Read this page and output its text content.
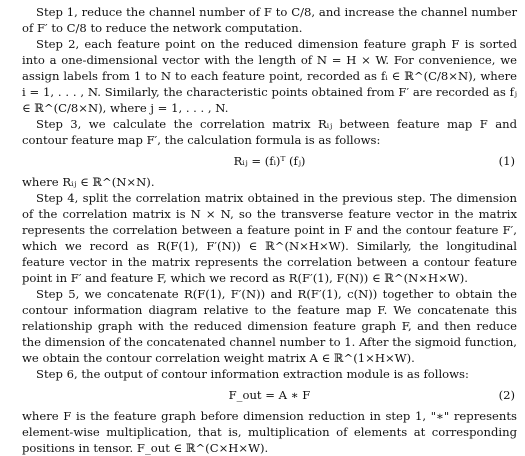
Step 1, reduce the channel number of F to C/8, and increase the channel number of F′ to C/8 to reduce the network computation.

Step 2, each feature point on the reduced dimension feature graph F is sorted into a one-dimensional vector with the length of N = H × W. For convenience, we assign labels from 1 to N to each feature point, recorded as fᵢ ∈ ℝ^(C/8×N), where i = 1, . . . , N. Similarly, the characteristic points obtained from F′ are recorded as fⱼ ∈ ℝ^(C/8×N), where j = 1, . . . , N.

Step 3, we calculate the correlation matrix Rᵢⱼ between feature map F and contour feature map F′, the calculation formula is as follows:

Rᵢⱼ = (fᵢ)ᵀ (fⱼ)	(1)

where Rᵢⱼ ∈ ℝ^(N×N).

Step 4, split the correlation matrix obtained in the previous step. The dimension of the correlation matrix is N × N, so the transverse feature vector in the matrix represents the correlation between a feature point in F and the contour feature F′, which we record as R(F(1), F′(N)) ∈ ℝ^(N×H×W). Similarly, the longitudinal feature vector in the matrix represents the correlation between a contour feature point in F′ and feature F, which we record as R(F′(1), F(N)) ∈ ℝ^(N×H×W).

Step 5, we concatenate R(F(1), F′(N)) and R(F′(1), c(N)) together to obtain the contour information diagram relative to the feature map F. We concatenate this relationship graph with the reduced dimension feature graph F, and then reduce the dimension of the concatenated channel number to 1. After the sigmoid function, we obtain the contour correlation weight matrix A ∈ ℝ^(1×H×W).

Step 6, the output of contour information extraction module is as follows:

F_out = A ∗ F	(2)

where F is the feature graph before dimension reduction in step 1, "∗" represents element-wise multiplication, that is, multiplication of elements at corresponding positions in tensor. F_out ∈ ℝ^(C×H×W).
